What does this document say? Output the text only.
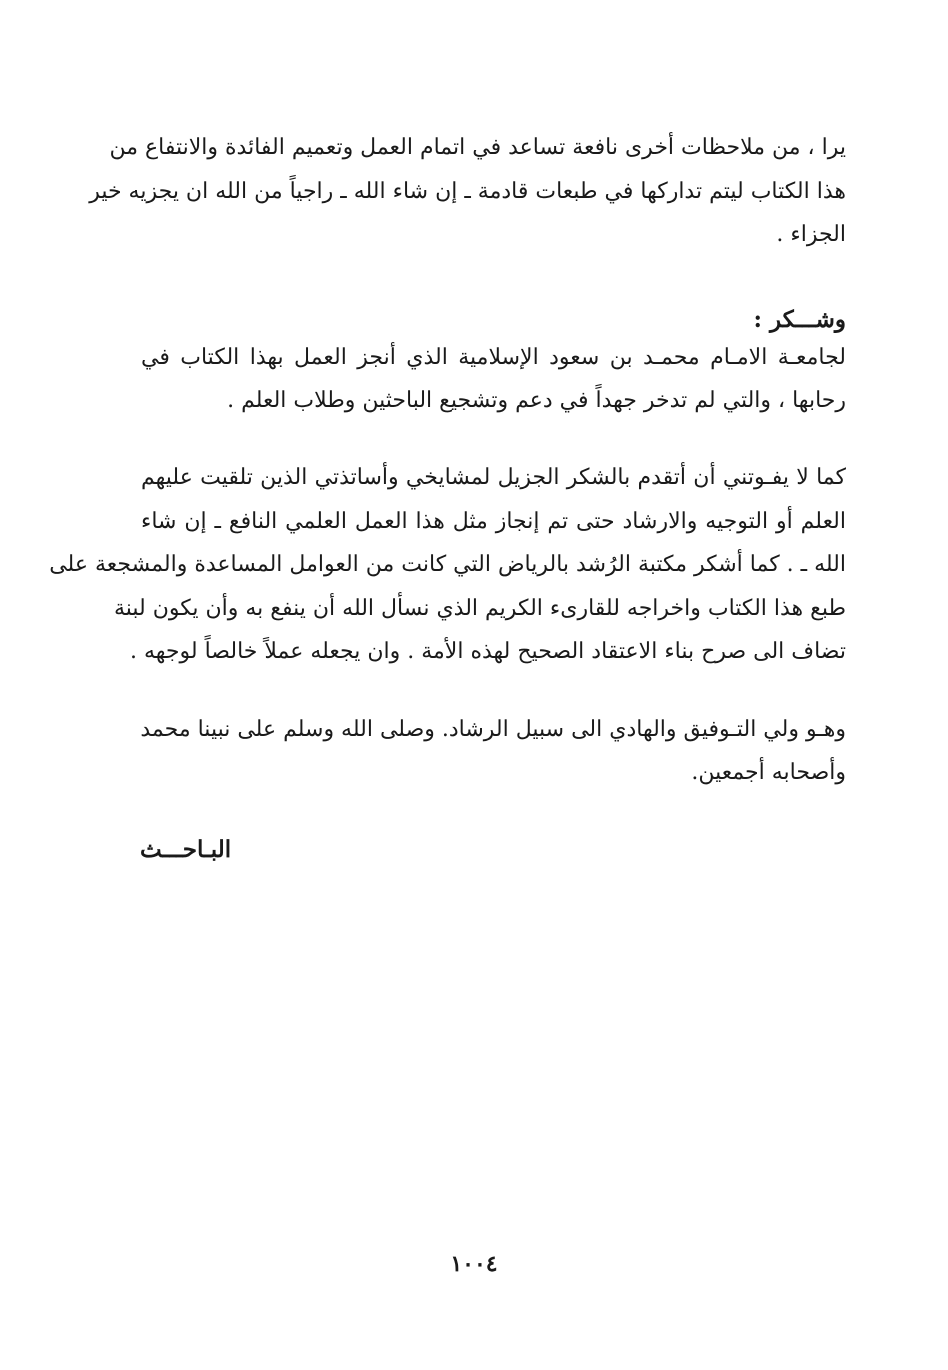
يرا ، من ملاحظات أخرى نافعة تساعد في اتمام العمل وتعميم الفائدة والانتفاع من
هذا الكتاب ليتم تداركها في طبعات قادمة ـ إن شاء الله ـ راجياً من الله ان يجزيه خير
الجزاء .
وشـــكر :
لجامعـة الامـام محمـد بن سعود الإسلامية الذي أنجز العمل بهذا الكتاب في
رحابها ، والتي لم تدخر جهداً في دعم وتشجيع الباحثين وطلاب العلم .
كما لا يفـوتني أن أتقدم بالشكر الجزيل لمشايخي وأساتذتي الذين تلقيت عليهم
العلم أو التوجيه والارشاد حتى تم إنجاز مثل هذا العمل العلمي النافع ـ إن شاء
الله ـ . كما أشكر مكتبة الرُشد بالرياض التي كانت من العوامل المساعدة والمشجعة على
طبع هذا الكتاب واخراجه للقارىء الكريم الذي نسأل الله أن ينفع به وأن يكون لبنة
تضاف الى صرح بناء الاعتقاد الصحيح لهذه الأمة . وان يجعله عملاً خالصاً لوجهه .
وهـو ولي التـوفيق والهادي الى سبيل الرشاد. وصلى الله وسلم على نبينا محمد
وأصحابه أجمعين.
البـاحـــث
١٠٠٤
